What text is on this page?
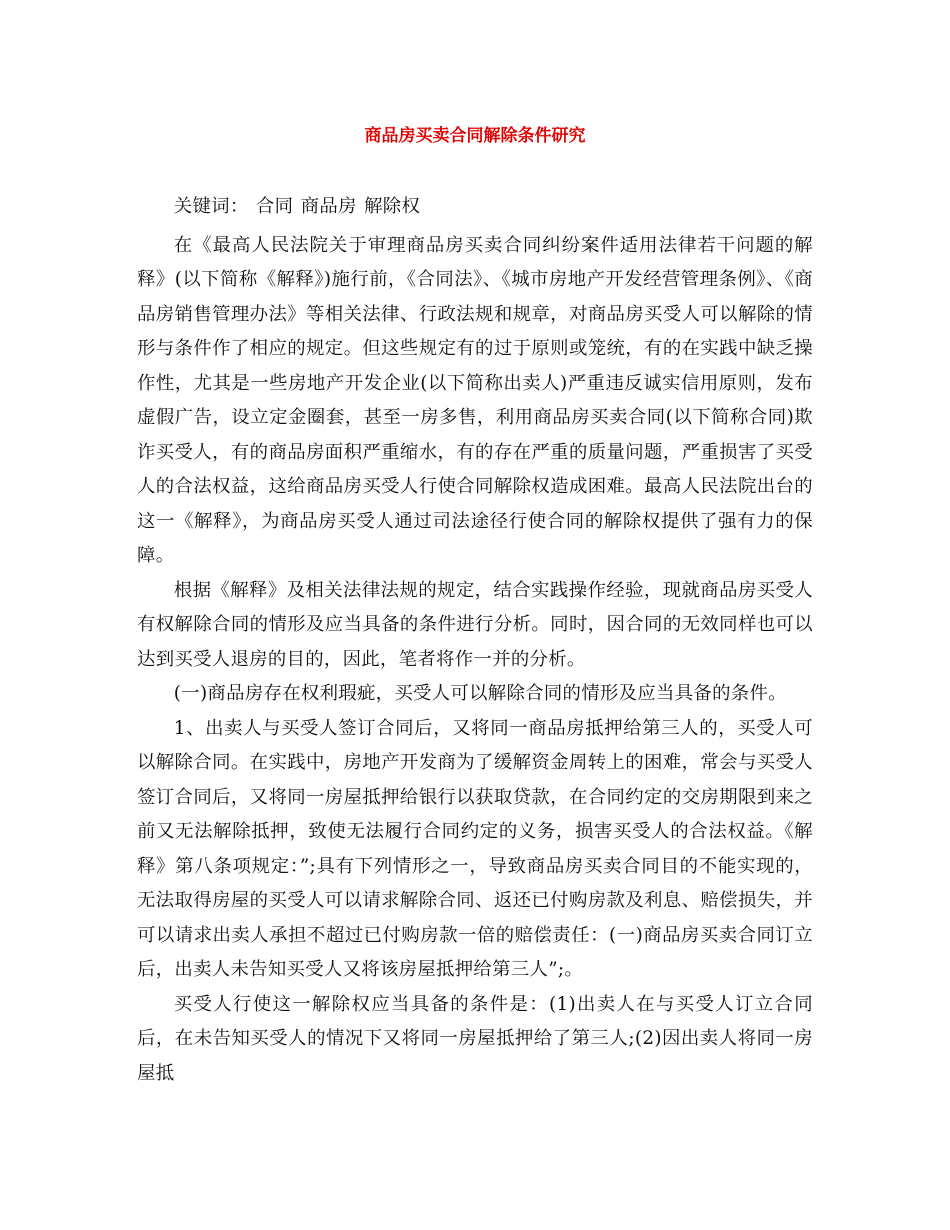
商品房买卖合同解除条件研究

关键词： 合同 商品房 解除权

在《最高人民法院关于审理商品房买卖合同纠纷案件适用法律若干问题的解释》(以下简称《解释》)施行前，《合同法》、《城市房地产开发经营管理条例》、《商品房销售管理办法》等相关法律、行政法规和规章，对商品房买受人可以解除的情形与条件作了相应的规定。但这些规定有的过于原则或笼统，有的在实践中缺乏操作性，尤其是一些房地产开发企业(以下简称出卖人)严重违反诚实信用原则，发布虚假广告，设立定金圈套，甚至一房多售，利用商品房买卖合同(以下简称合同)欺诈买受人，有的商品房面积严重缩水，有的存在严重的质量问题，严重损害了买受人的合法权益，这给商品房买受人行使合同解除权造成困难。最高人民法院出台的这一《解释》，为商品房买受人通过司法途径行使合同的解除权提供了强有力的保障。

根据《解释》及相关法律法规的规定，结合实践操作经验，现就商品房买受人有权解除合同的情形及应当具备的条件进行分析。同时，因合同的无效同样也可以达到买受人退房的目的，因此，笔者将作一并的分析。

(一)商品房存在权利瑕疵，买受人可以解除合同的情形及应当具备的条件。

1、出卖人与买受人签订合同后，又将同一商品房抵押给第三人的，买受人可以解除合同。在实践中，房地产开发商为了缓解资金周转上的困难，常会与买受人签订合同后，又将同一房屋抵押给银行以获取贷款，在合同约定的交房期限到来之前又无法解除抵押，致使无法履行合同约定的义务，损害买受人的合法权益。《解释》第八条项规定：”;具有下列情形之一，导致商品房买卖合同目的不能实现的，无法取得房屋的买受人可以请求解除合同、返还已付购房款及利息、赔偿损失，并可以请求出卖人承担不超过已付购房款一倍的赔偿责任：(一)商品房买卖合同订立后，出卖人未告知买受人又将该房屋抵押给第三人”;。

买受人行使这一解除权应当具备的条件是：(1)出卖人在与买受人订立合同后，在未告知买受人的情况下又将同一房屋抵押给了第三人;(2)因出卖人将同一房屋抵
